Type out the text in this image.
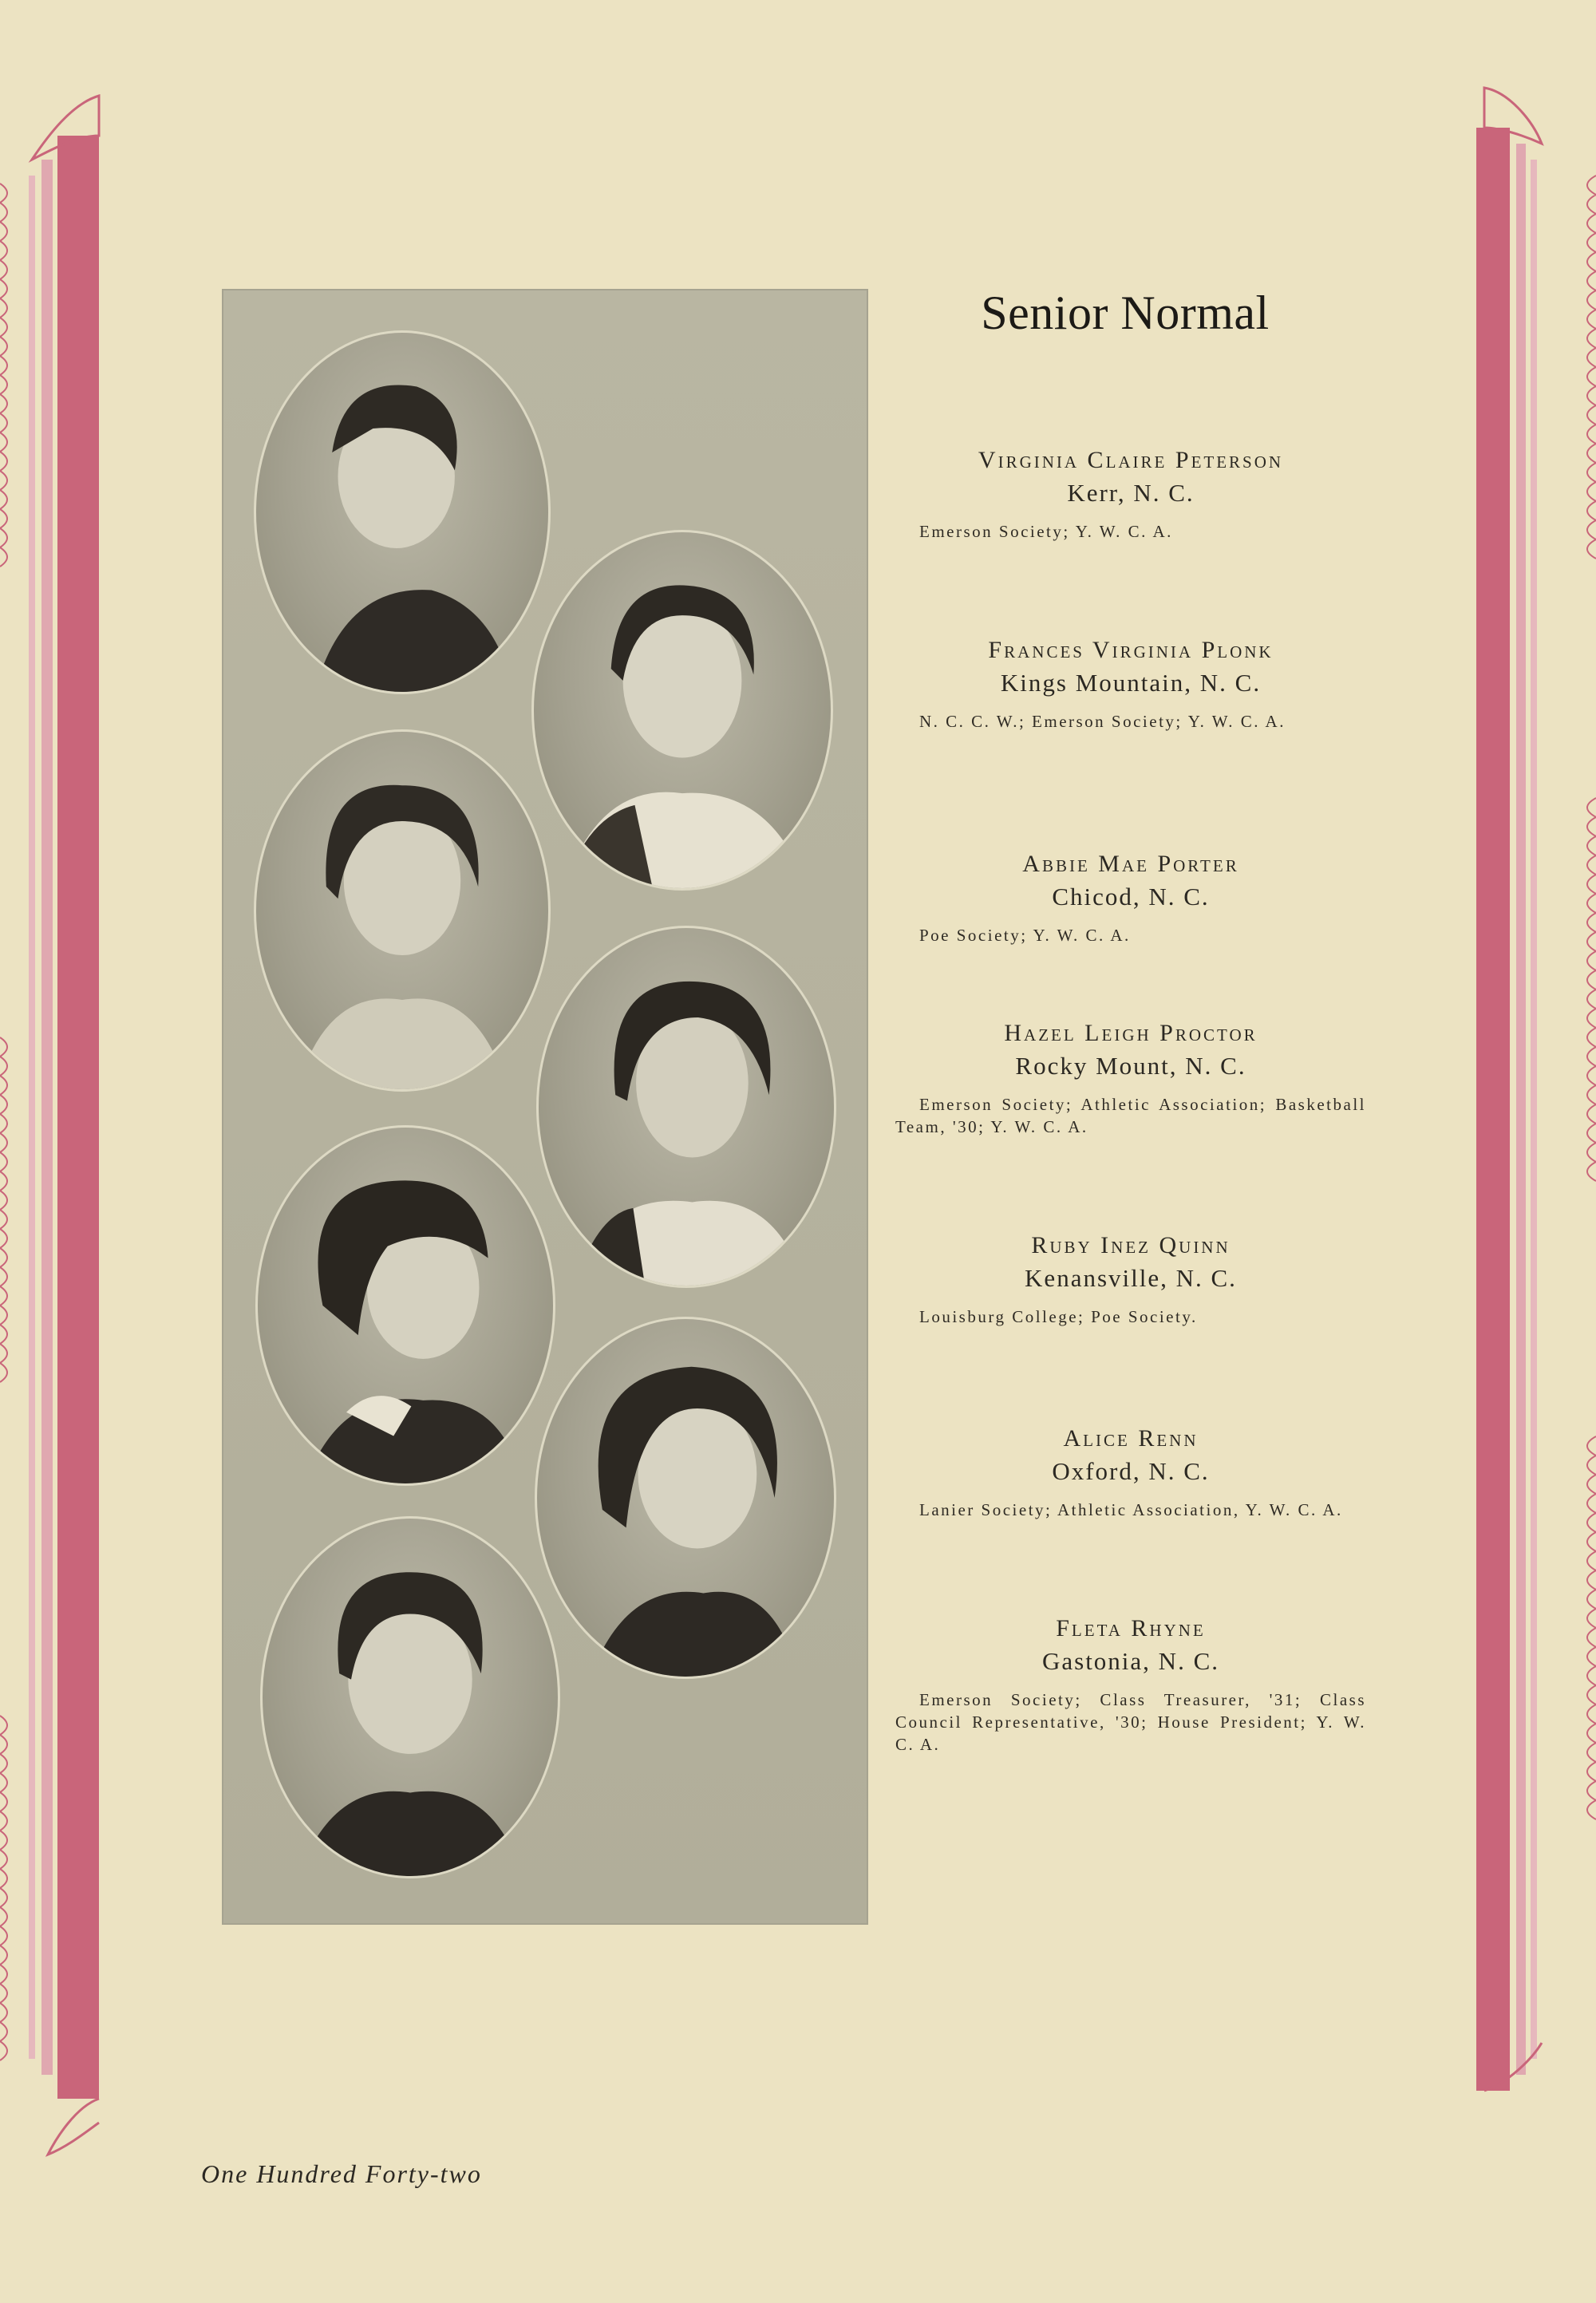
Senior Normal
Virginia Claire Peterson
Kerr, N. C.
Emerson Society; Y. W. C. A.
Frances Virginia Plonk
Kings Mountain, N. C.
N. C. C. W.; Emerson Society; Y. W. C. A.
Abbie Mae Porter
Chicod, N. C.
Poe Society; Y. W. C. A.
Hazel Leigh Proctor
Rocky Mount, N. C.
Emerson Society; Athletic Association; Basketball Team, '30; Y. W. C. A.
Ruby Inez Quinn
Kenansville, N. C.
Louisburg College; Poe Society.
Alice Renn
Oxford, N. C.
Lanier Society; Athletic Association, Y. W. C. A.
Fleta Rhyne
Gastonia, N. C.
Emerson Society; Class Treasurer, '31; Class Council Representative, '30; House President; Y. W. C. A.
One Hundred Forty-two
